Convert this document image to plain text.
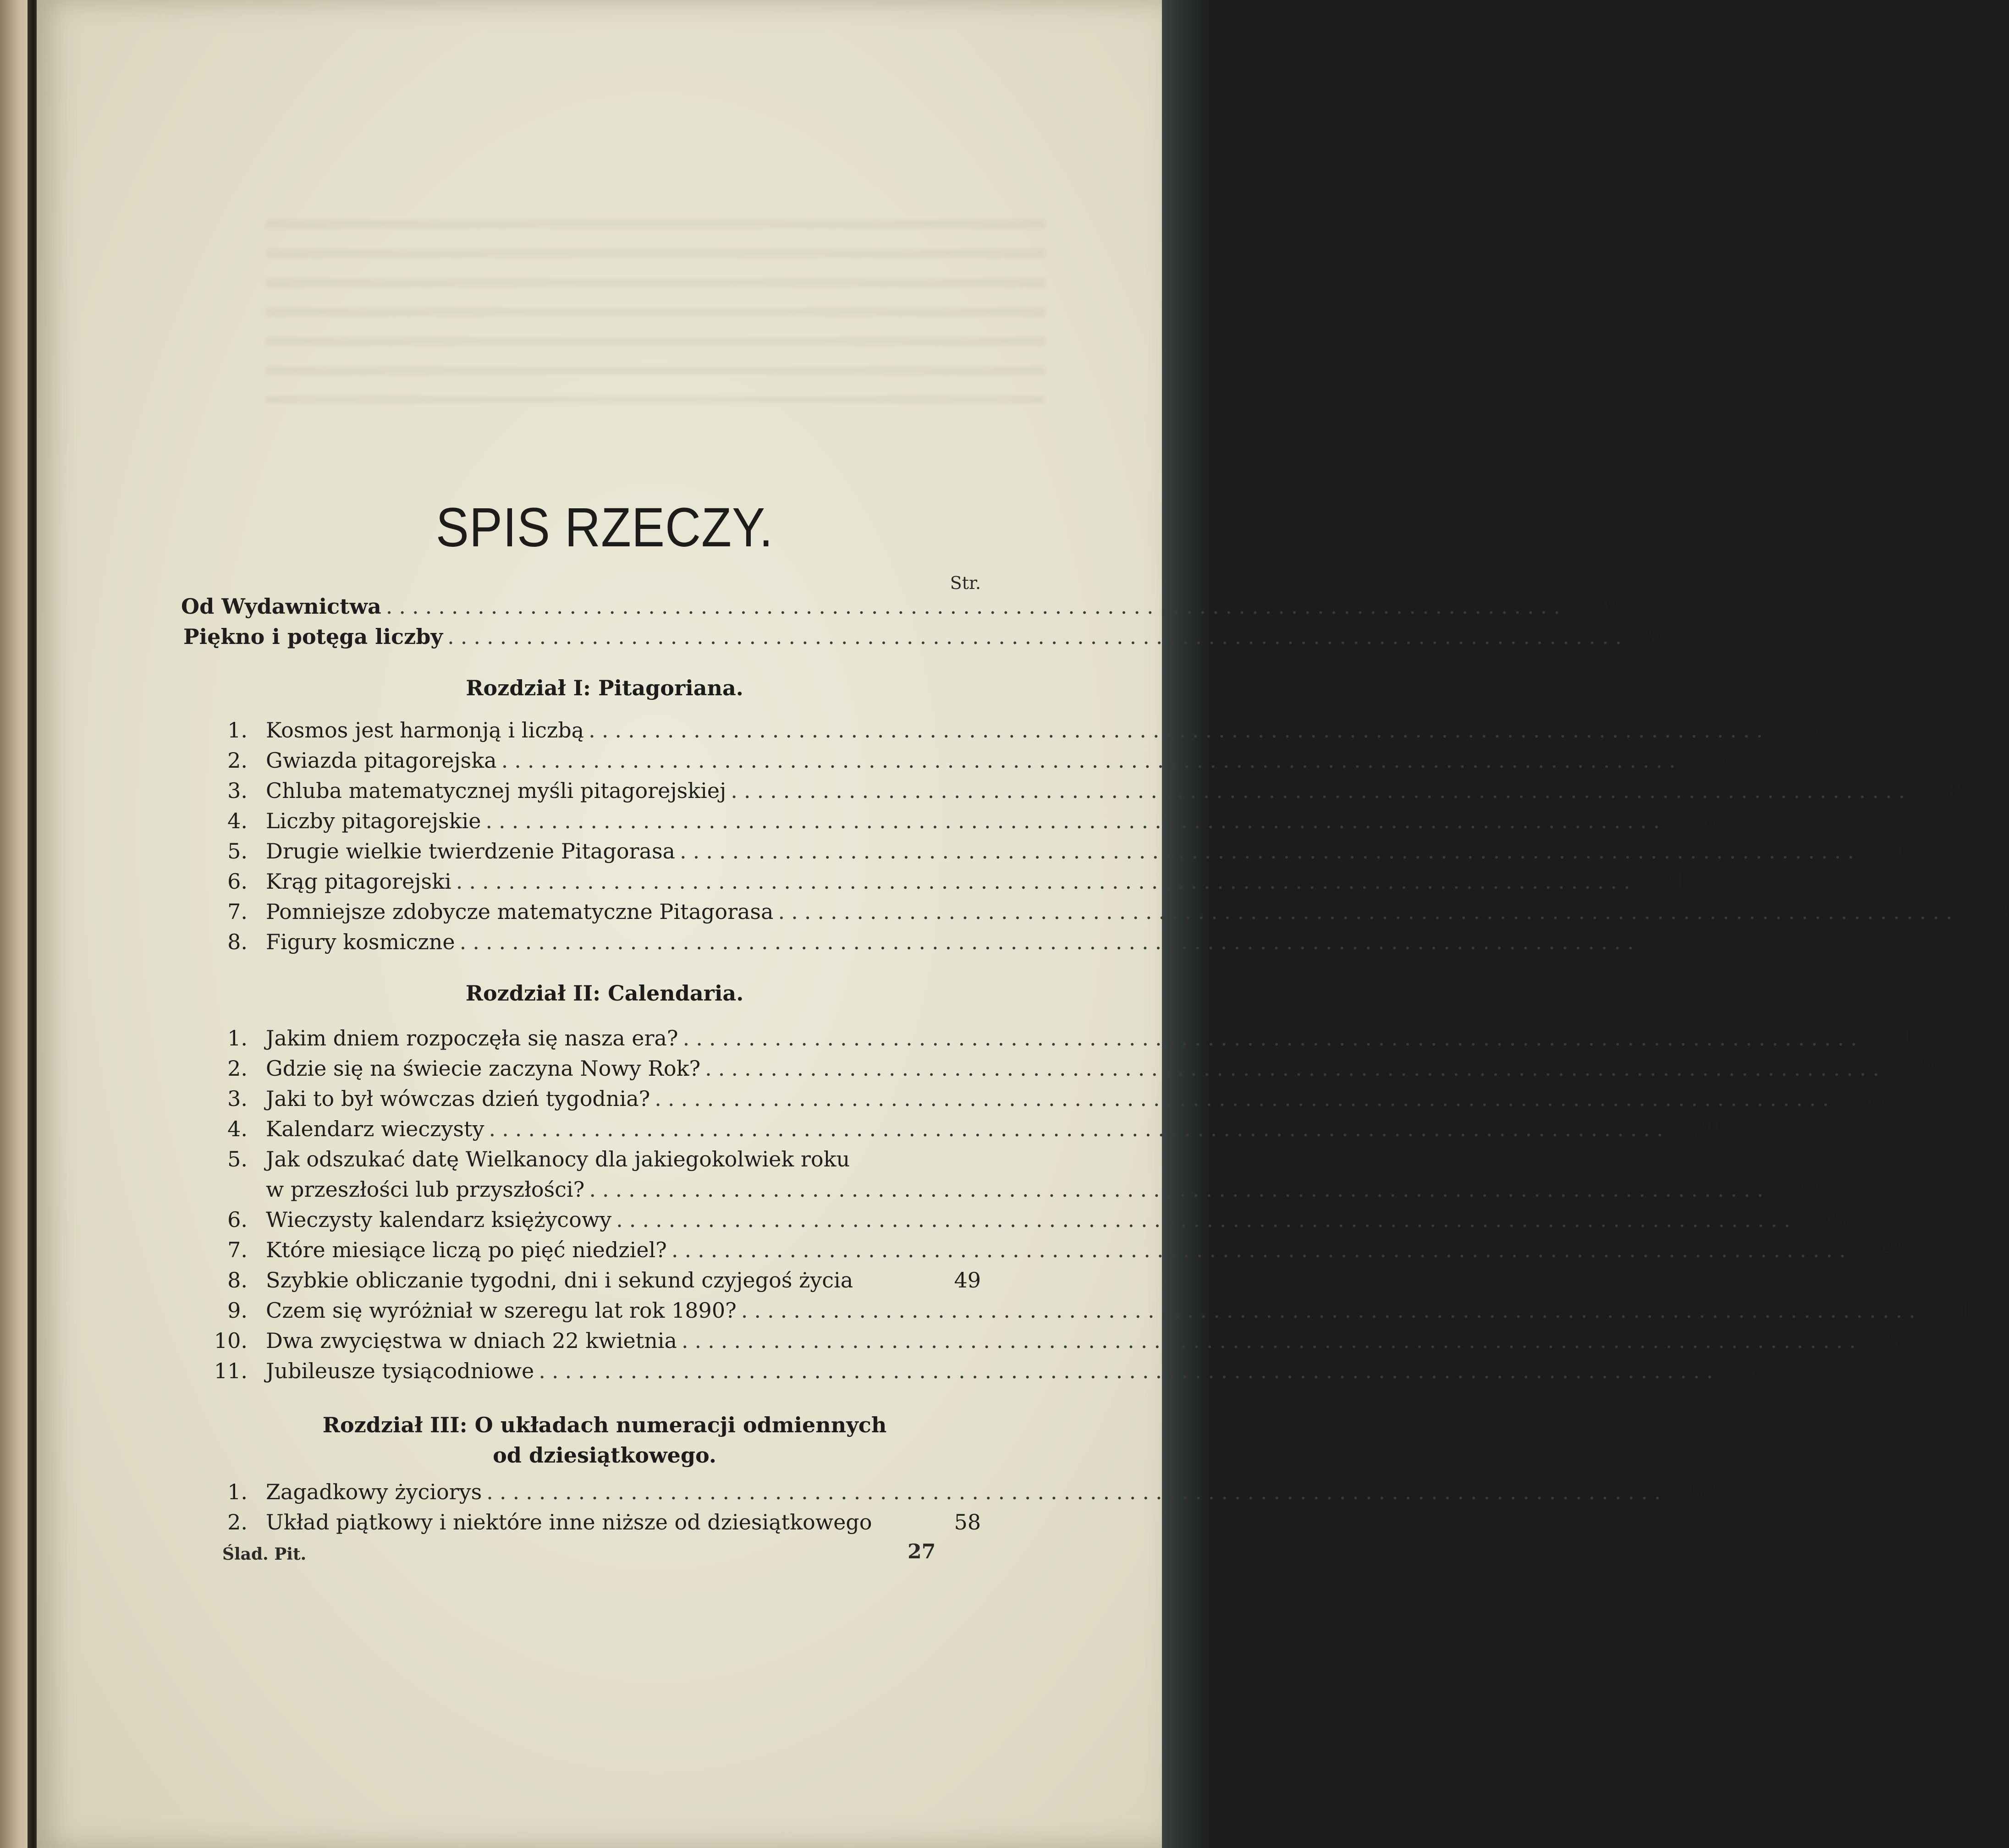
SPIS RZECZY.
Str.
Od Wydawnictwa ..........................................................................................	V
Piękno i potęga liczby .......................................................................................... VII
Rozdział I: Pitagoriana.
1. Kosmos jest harmonją i liczbą ..........................................................................................	5
2. Gwiazda pitagorejska ..........................................................................................	7
3. Chluba matematycznej myśli pitagorejskiej ..........................................................................................	8
4. Liczby pitagorejskie ..........................................................................................	18
5. Drugie wielkie twierdzenie Pitagorasa ..........................................................................................	20
6. Krąg pitagorejski ..........................................................................................	21
7. Pomniejsze zdobycze matematyczne Pitagorasa ..........................................................................................	23
8. Figury kosmiczne ..........................................................................................	25
Rozdział II: Calendaria.
1. Jakim dniem rozpoczęła się nasza era? ..........................................................................................	31
2. Gdzie się na świecie zaczyna Nowy Rok? ..........................................................................................	32
3. Jaki to był wówczas dzień tygodnia? ..........................................................................................	35
4. Kalendarz wieczysty ..........................................................................................	39
5. Jak odszukać datę Wielkanocy dla jakiegokolwiek roku
w przeszłości lub przyszłości? ..........................................................................................	42
6. Wieczysty kalendarz księżycowy ..........................................................................................	45
7. Które miesiące liczą po pięć niedziel? ..........................................................................................	47
8. Szybkie obliczanie tygodni, dni i sekund czyjegoś życia	49
9. Czem się wyróżniał w szeregu lat rok 1890? ..........................................................................................	51
10. Dwa zwycięstwa w dniach 22 kwietnia ..........................................................................................	52
11. Jubileusze tysiącodniowe ..........................................................................................	52
Rozdział III: O układach numeracji odmiennych
od dziesiątkowego.
1. Zagadkowy życiorys ..........................................................................................	57
2. Układ piątkowy i niektóre inne niższe od dziesiątkowego	58
Ślad. Pit.	27
